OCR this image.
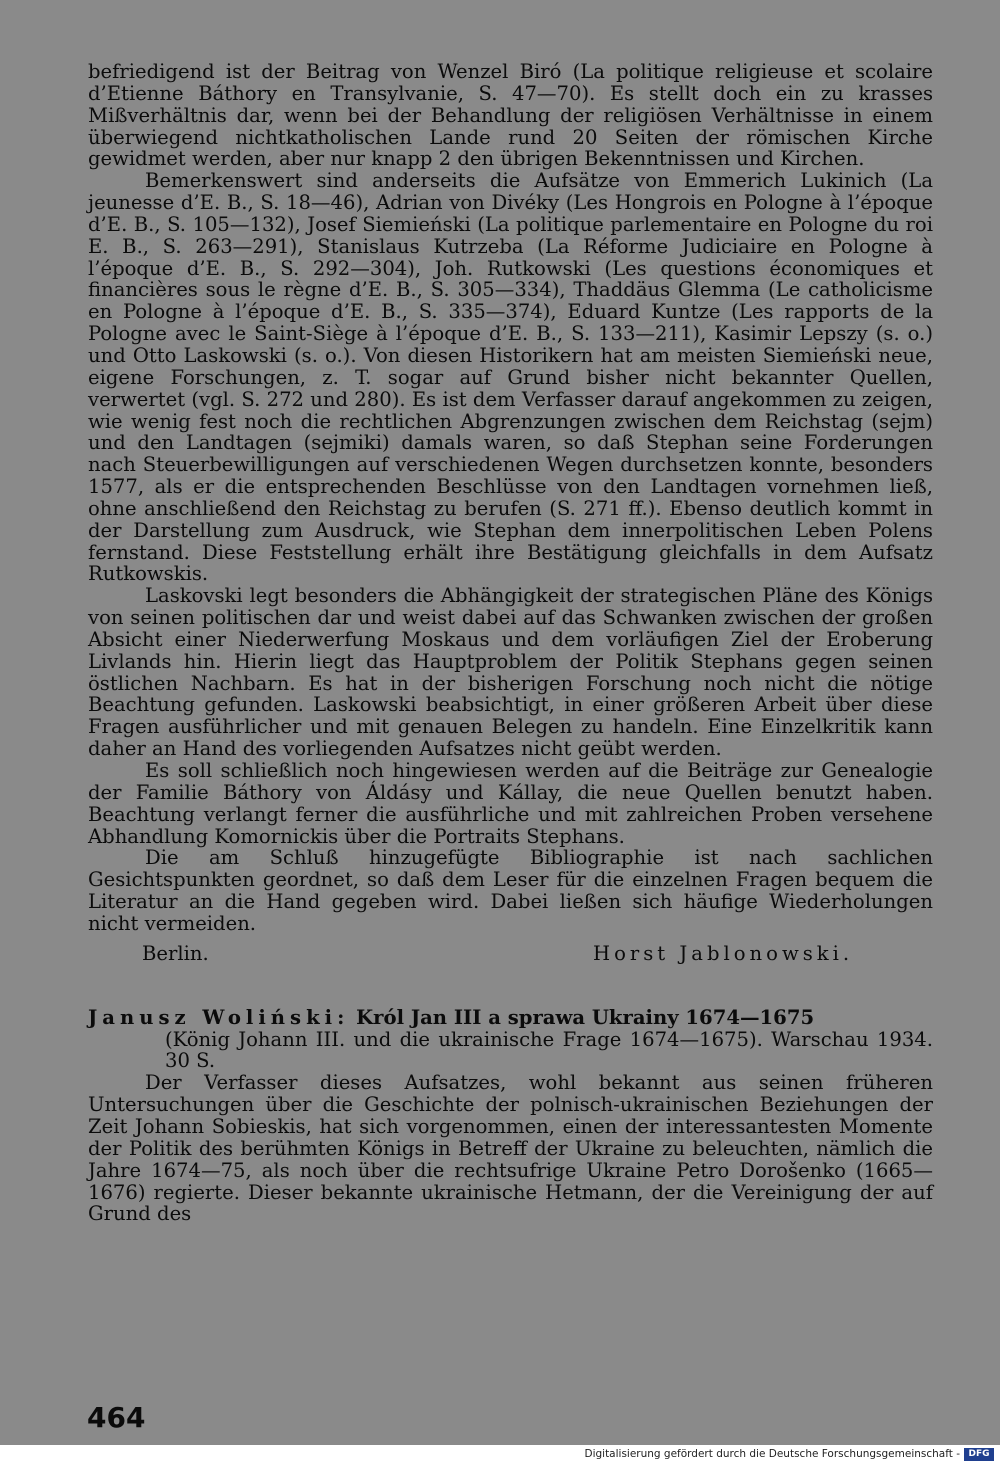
befriedigend ist der Beitrag von Wenzel Biró (La politique religieuse et scolaire d’Etienne Báthory en Transylvanie, S. 47—70). Es stellt doch ein zu krasses Mißverhältnis dar, wenn bei der Behandlung der religiösen Verhältnisse in einem überwiegend nichtkatholischen Lande rund 20 Seiten der römischen Kirche gewidmet werden, aber nur knapp 2 den übrigen Bekenntnissen und Kirchen.

Bemerkenswert sind anderseits die Aufsätze von Emmerich Lukinich (La jeunesse d’E. B., S. 18—46), Adrian von Divéky (Les Hongrois en Pologne à l’époque d’E. B., S. 105—132), Josef Siemieński (La politique parlementaire en Pologne du roi E. B., S. 263—291), Stanislaus Kutrzeba (La Réforme Judiciaire en Pologne à l’époque d’E. B., S. 292—304), Joh. Rutkowski (Les questions économiques et financières sous le règne d’E. B., S. 305—334), Thaddäus Glemma (Le catholicisme en Pologne à l’époque d’E. B., S. 335—374), Eduard Kuntze (Les rapports de la Pologne avec le Saint-Siège à l’époque d’E. B., S. 133—211), Kasimir Lepszy (s. o.) und Otto Laskowski (s. o.). Von diesen Historikern hat am meisten Siemieński neue, eigene Forschungen, z. T. sogar auf Grund bisher nicht bekannter Quellen, verwertet (vgl. S. 272 und 280). Es ist dem Verfasser darauf angekommen zu zeigen, wie wenig fest noch die rechtlichen Abgrenzungen zwischen dem Reichstag (sejm) und den Landtagen (sejmiki) damals waren, so daß Stephan seine Forderungen nach Steuerbewilligungen auf verschiedenen Wegen durchsetzen konnte, besonders 1577, als er die entsprechenden Beschlüsse von den Landtagen vornehmen ließ, ohne anschließend den Reichstag zu berufen (S. 271 ff.). Ebenso deutlich kommt in der Darstellung zum Ausdruck, wie Stephan dem innerpolitischen Leben Polens fernstand. Diese Feststellung erhält ihre Bestätigung gleichfalls in dem Aufsatz Rutkowskis.

Laskovski legt besonders die Abhängigkeit der strategischen Pläne des Königs von seinen politischen dar und weist dabei auf das Schwanken zwischen der großen Absicht einer Niederwerfung Moskaus und dem vorläufigen Ziel der Eroberung Livlands hin. Hierin liegt das Hauptproblem der Politik Stephans gegen seinen östlichen Nachbarn. Es hat in der bisherigen Forschung noch nicht die nötige Beachtung gefunden. Laskowski beabsichtigt, in einer größeren Arbeit über diese Fragen ausführlicher und mit genauen Belegen zu handeln. Eine Einzelkritik kann daher an Hand des vorliegenden Aufsatzes nicht geübt werden.

Es soll schließlich noch hingewiesen werden auf die Beiträge zur Genealogie der Familie Báthory von Áldásy und Kállay, die neue Quellen benutzt haben. Beachtung verlangt ferner die ausführliche und mit zahlreichen Proben versehene Abhandlung Komornickis über die Portraits Stephans.

Die am Schluß hinzugefügte Bibliographie ist nach sachlichen Gesichtspunkten geordnet, so daß dem Leser für die einzelnen Fragen bequem die Literatur an die Hand gegeben wird. Dabei ließen sich häufige Wiederholungen nicht vermeiden.

Berlin.	Horst Jablonowski.
Janusz Woliński: Król Jan III a sprawa Ukrainy 1674—1675
(König Johann III. und die ukrainische Frage 1674—1675). Warschau 1934. 30 S.

Der Verfasser dieses Aufsatzes, wohl bekannt aus seinen früheren Untersuchungen über die Geschichte der polnisch-ukrainischen Beziehungen der Zeit Johann Sobieskis, hat sich vorgenommen, einen der interessantesten Momente der Politik des berühmten Königs in Betreff der Ukraine zu beleuchten, nämlich die Jahre 1674—75, als noch über die rechtsufrige Ukraine Petro Dorošenko (1665—1676) regierte. Dieser bekannte ukrainische Hetmann, der die Vereinigung der auf Grund des

464
Digitalisierung gefördert durch die Deutsche Forschungsgemeinschaft - DFG
